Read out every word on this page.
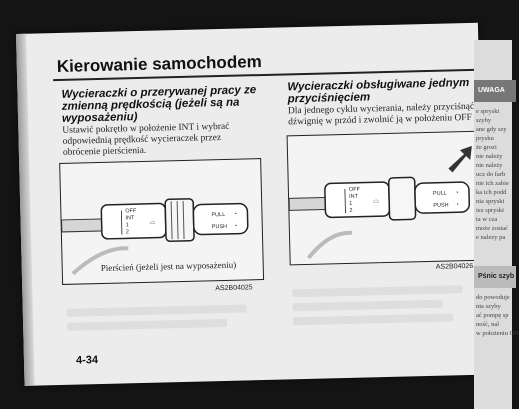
Kierowanie samochodem
Wycieraczki o przerywanej pracy ze zmienną prędkością (jeżeli są na wyposażeniu)

Ustawić pokrętło w położenie INT i wybrać odpowiednią prędkość wycieraczek przez obrócenie pierścienia.

OFF
INT
1
2
⌓
PULL
PUSH
◔
◔
Pierścień (jeżeli jest na wyposażeniu)
AS2B04025
Wycieraczki obsługiwane jednym przyciśnięciem

Dla jednego cyklu wycierania, należy przyciśnąć dźwignię w przód i zwolnić ją w położeniu OFF

OFF
INT
1
2
⌓
PULL
PUSH
◔
◔
AS2B04026
4-34
UWAGA
e spryski
szyby
ane gdy szy
prysku
że grozi
nie należy
nie należy
ucz do farb
nie ich zabie
ka ich podd
nia spryski
iez spryski
ta w cza
może zostać
e nalezy pa
Pśnic szyb
do powoduje
nia szyby
ać pompę sp
ność, nal
w położeniu ON
